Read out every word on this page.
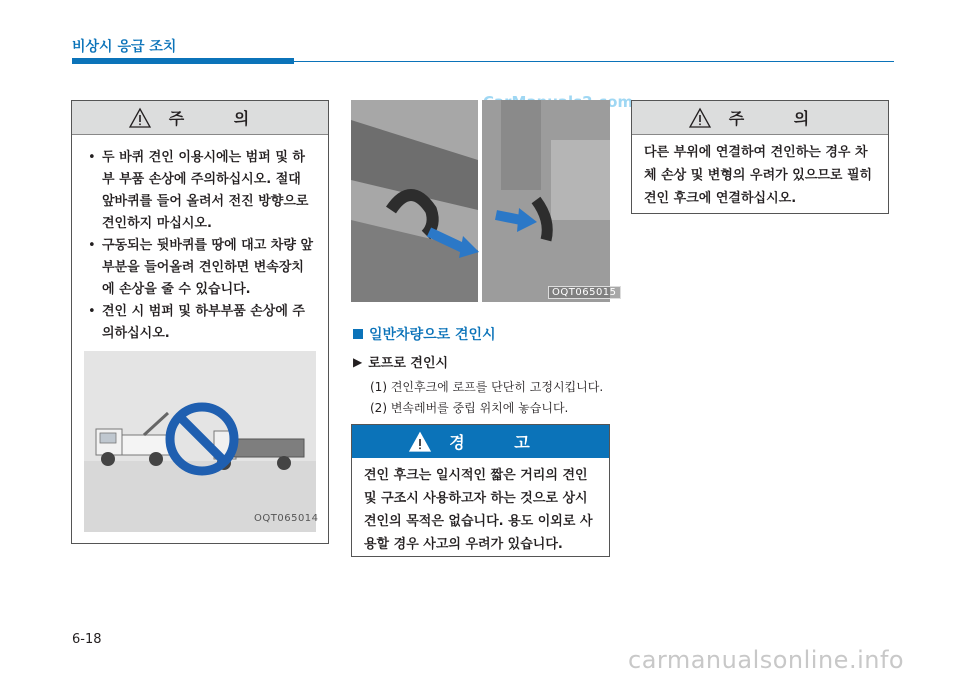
비상시 응급 조치
주 의
• 두 바퀴 견인 이용시에는 범퍼 및 하부 부품 손상에 주의하십시오. 절대 앞바퀴를 들어 올려서 전진 방향으로 견인하지 마십시오.
• 구동되는 뒷바퀴를 땅에 대고 차량 앞부분을 들어올려 견인하면 변속장치에 손상을 줄 수 있습니다.
• 견인 시 범퍼 및 하부부품 손상에 주의하십시오.
OQT065014
OQT065015
일반차량으로 견인시
▶ 로프로 견인시
(1) 견인후크에 로프를 단단히 고정시킵니다.
(2) 변속레버를 중립 위치에 놓습니다.
경 고
견인 후크는 일시적인 짧은 거리의 견인 및 구조시 사용하고자 하는 것으로 상시 견인의 목적은 없습니다. 용도 이외로 사용할 경우 사고의 우려가 있습니다.
주 의
다른 부위에 연결하여 견인하는 경우 차체 손상 및 변형의 우려가 있으므로 필히 견인 후크에 연결하십시오.
6-18
carmanualsonline.info
